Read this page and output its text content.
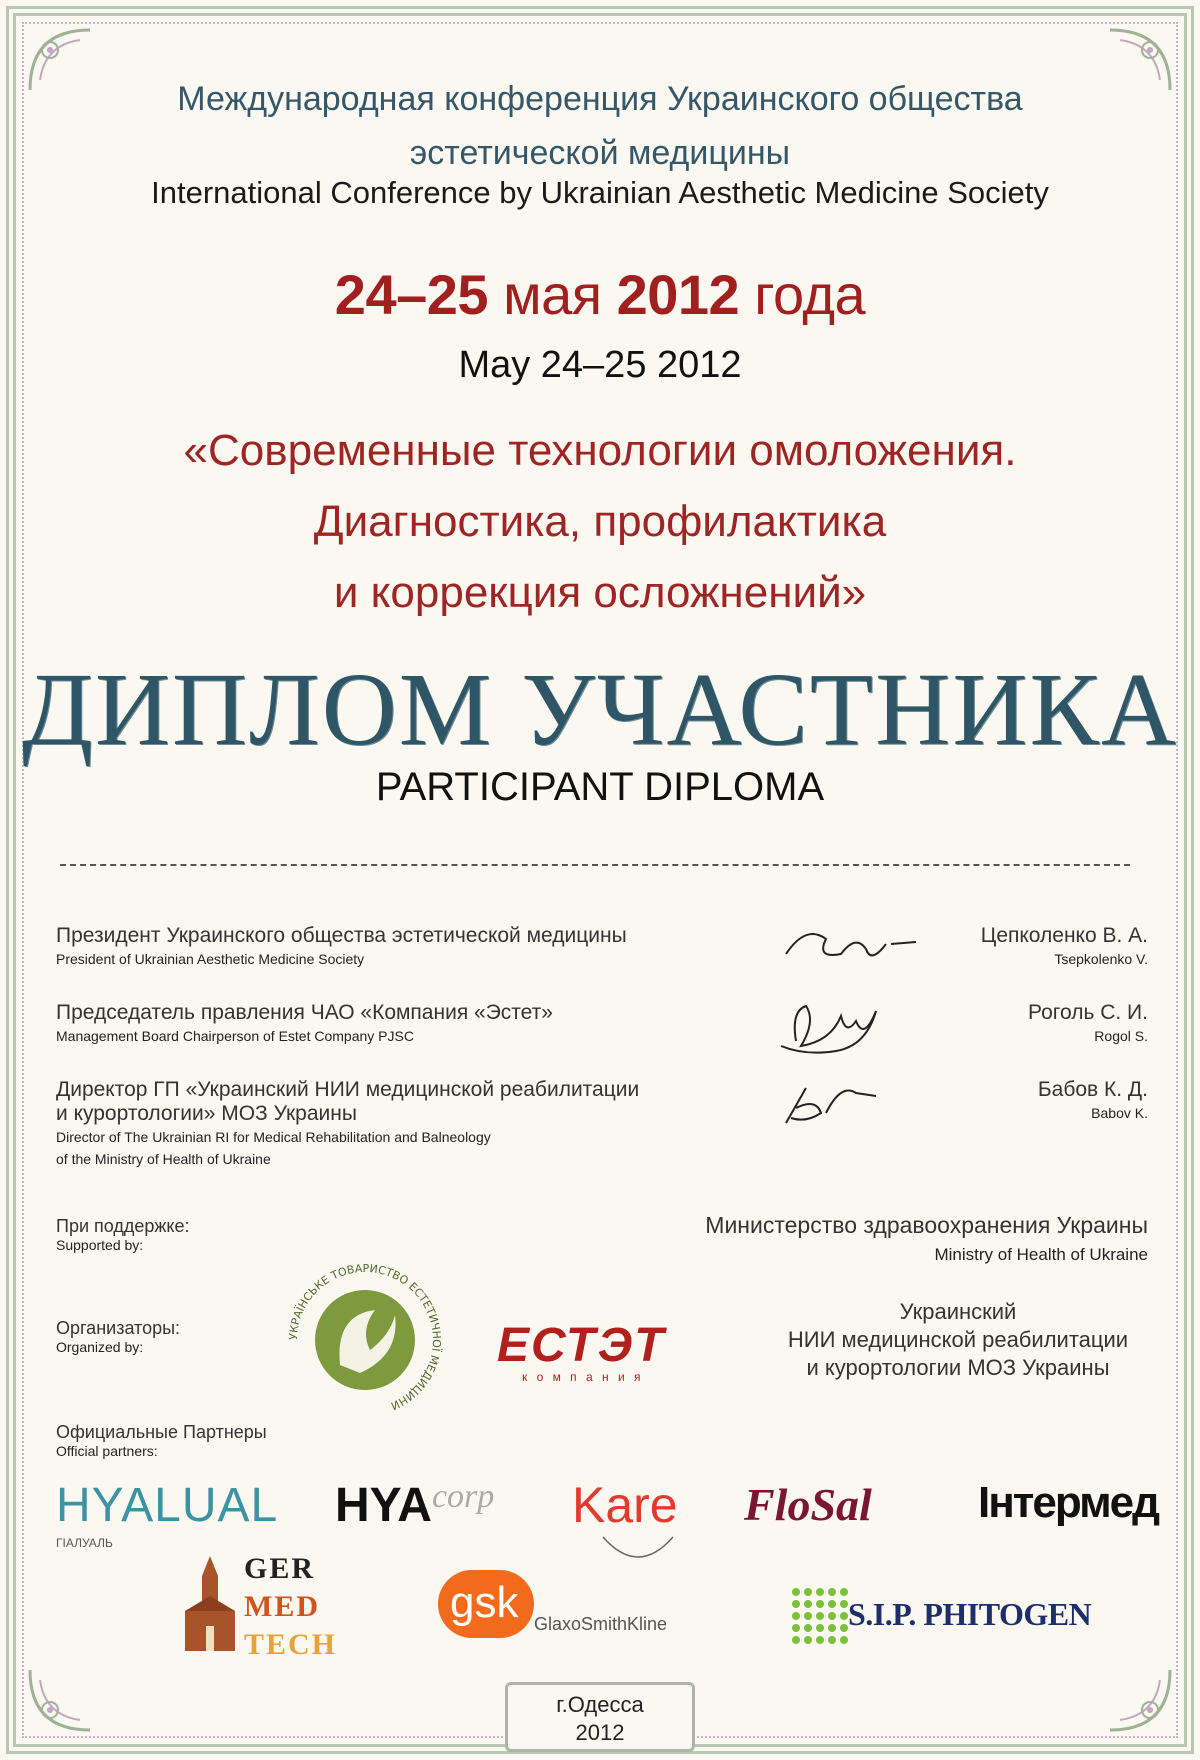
Международная конференция Украинского общества
эстетической медицины
International Conference by Ukrainian Aesthetic Medicine Society
24–25 мая 2012 года
May 24–25 2012
«Современные технологии омоложения.
Диагностика, профилактика
и коррекция осложнений»
ДИПЛОМ УЧАСТНИКА
PARTICIPANT DIPLOMA
Президент Украинского общества эстетической медицины
President of Ukrainian Aesthetic Medicine Society
Цепколенко В. А.
Tsepkolenko V.
Председатель правления ЧАО «Компания «Эстет»
Management Board Chairperson of Estet Company PJSC
Роголь С. И.
Rogol S.
Директор ГП «Украинский НИИ медицинской реабилитации
и курортологии» МОЗ Украины
Director of The Ukrainian RI for Medical Rehabilitation and Balneology
of the Ministry of Health of Ukraine
Бабов К. Д.
Babov K.
При поддержке:
Supported by:
Министерство здравоохранения Украины
Ministry of Health of Ukraine
Организаторы:
Organized by:
УКРАЇНСЬКЕ ТОВАРИСТВО ЕСТЕТИЧНОЇ МЕДИЦИНИ
ЕСТЭТ
к о м п а н и я
Украинский
НИИ медицинской реабилитации
и курортологии МОЗ Украины
Официальные Партнеры
Official partners:
HYALUAL
ГІАЛУАЛЬ
HYAcorp Kare FloSal Інтермед
GER
MED
TECH
gsk GlaxoSmithKline	S.I.P. PHITOGEN
г.Одесса
2012
